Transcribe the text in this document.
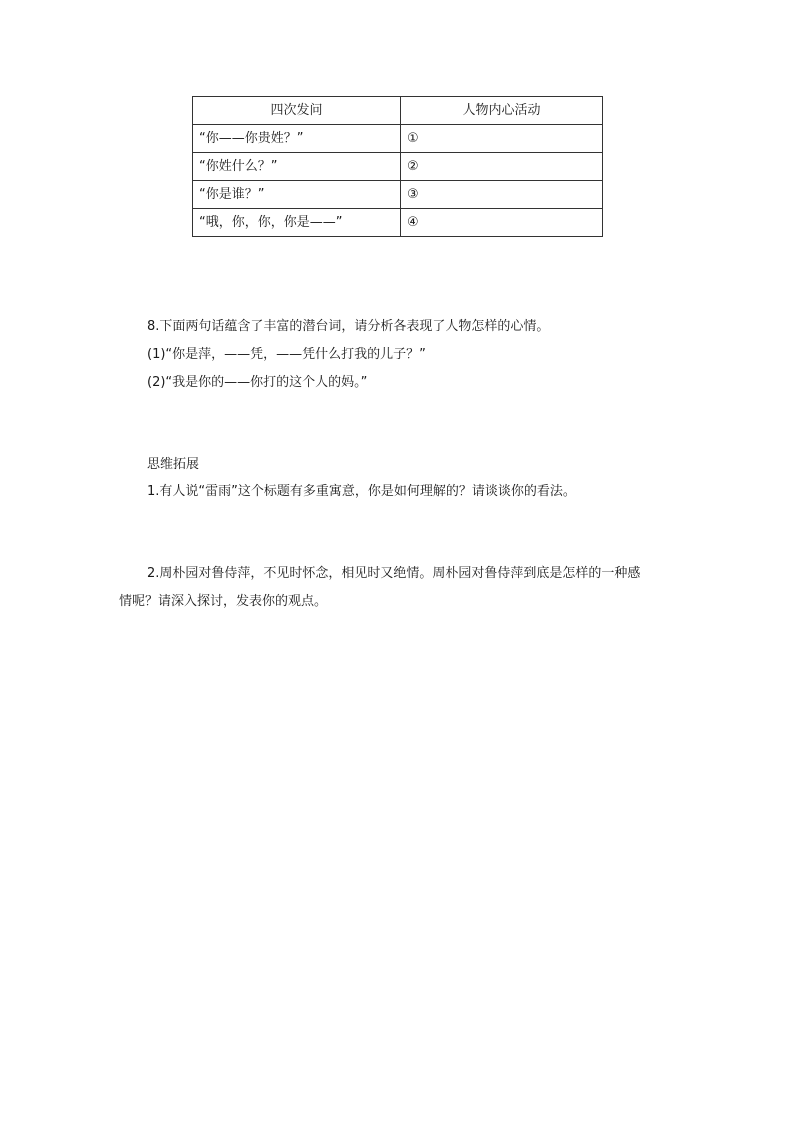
四次发问	人物内心活动
“你——你贵姓？”	①
“你姓什么？”	②
“你是谁？”	③
“哦，你，你，你是——”	④
8.下面两句话蕴含了丰富的潜台词，请分析各表现了人物怎样的心情。
(1)“你是萍，——凭，——凭什么打我的儿子？”
(2)“我是你的——你打的这个人的妈。”
思维拓展
1.有人说“雷雨”这个标题有多重寓意，你是如何理解的？请谈谈你的看法。
2.周朴园对鲁侍萍，不见时怀念，相见时又绝情。周朴园对鲁侍萍到底是怎样的一种感
情呢？请深入探讨，发表你的观点。
